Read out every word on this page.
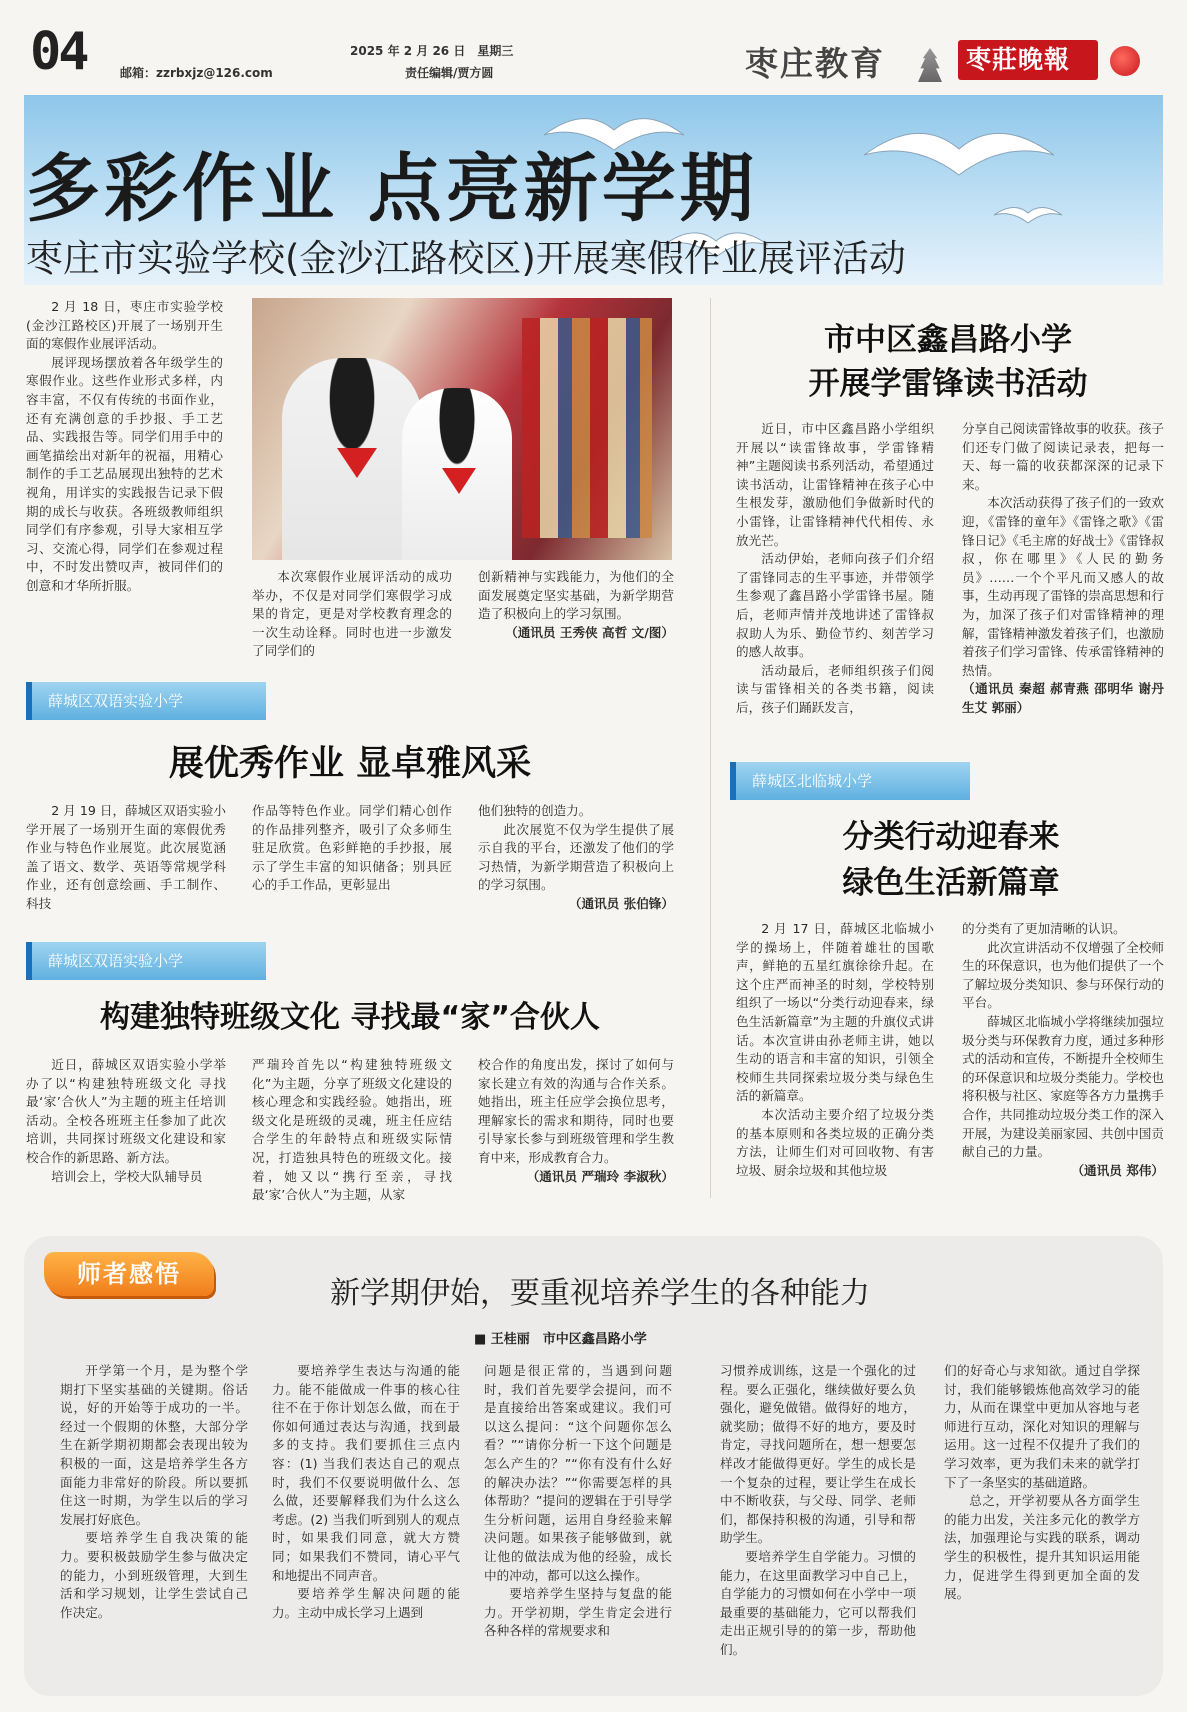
04	邮箱：zzrbxjz@126.com
2025 年 2 月 26 日　星期三
责任编辑/贾方圆	枣庄教育	枣莊晚報
多彩作业 点亮新学期
枣庄市实验学校(金沙江路校区)开展寒假作业展评活动

2 月 18 日，枣庄市实验学校(金沙江路校区)开展了一场别开生面的寒假作业展评活动。

展评现场摆放着各年级学生的寒假作业。这些作业形式多样，内容丰富，不仅有传统的书面作业，还有充满创意的手抄报、手工艺品、实践报告等。同学们用手中的画笔描绘出对新年的祝福，用精心制作的手工艺品展现出独特的艺术视角，用详实的实践报告记录下假期的成长与收获。各班级教师组织同学们有序参观，引导大家相互学习、交流心得，同学们在参观过程中，不时发出赞叹声，被同伴们的创意和才华所折服。

本次寒假作业展评活动的成功举办，不仅是对同学们寒假学习成果的肯定，更是对学校教育理念的一次生动诠释。同时也进一步激发了同学们的

创新精神与实践能力，为他们的全面发展奠定坚实基础，为新学期营造了积极向上的学习氛围。

（通讯员 王秀侠 高哲 文/图）

市中区鑫昌路小学
开展学雷锋读书活动

近日，市中区鑫昌路小学组织开展以“读雷锋故事，学雷锋精神”主题阅读书系列活动，希望通过读书活动，让雷锋精神在孩子心中生根发芽，激励他们争做新时代的小雷锋，让雷锋精神代代相传、永放光芒。

活动伊始，老师向孩子们介绍了雷锋同志的生平事迹，并带领学生参观了鑫昌路小学雷锋书屋。随后，老师声情并茂地讲述了雷锋叔叔助人为乐、勤俭节约、刻苦学习的感人故事。

活动最后，老师组织孩子们阅读与雷锋相关的各类书籍，阅读后，孩子们踊跃发言，

分享自己阅读雷锋故事的收获。孩子们还专门做了阅读记录表，把每一天、每一篇的收获都深深的记录下来。

本次活动获得了孩子们的一致欢迎，《雷锋的童年》《雷锋之歌》《雷锋日记》《毛主席的好战士》《雷锋叔叔，你在哪里》《人民的勤务员》……一个个平凡而又感人的故事，生动再现了雷锋的崇高思想和行为，加深了孩子们对雷锋精神的理解，雷锋精神激发着孩子们，也激励着孩子们学习雷锋、传承雷锋精神的热情。

（通讯员 秦超 郝青燕 邵明华 谢丹 生艾 郭丽）

薛城区双语实验小学
展优秀作业 显卓雅风采

2 月 19 日，薛城区双语实验小学开展了一场别开生面的寒假优秀作业与特色作业展览。此次展览涵盖了语文、数学、英语等常规学科作业，还有创意绘画、手工制作、科技

作品等特色作业。同学们精心创作的作品排列整齐，吸引了众多师生驻足欣赏。色彩鲜艳的手抄报，展示了学生丰富的知识储备；别具匠心的手工作品，更彰显出

他们独特的创造力。

此次展览不仅为学生提供了展示自我的平台，还激发了他们的学习热情，为新学期营造了积极向上的学习氛围。

（通讯员 张伯锋）

薛城区双语实验小学
构建独特班级文化 寻找最“家”合伙人

近日，薛城区双语实验小学举办了以“构建独特班级文化 寻找最‘家’合伙人”为主题的班主任培训活动。全校各班班主任参加了此次培训，共同探讨班级文化建设和家校合作的新思路、新方法。

培训会上，学校大队辅导员

严瑞玲首先以“构建独特班级文化”为主题，分享了班级文化建设的核心理念和实践经验。她指出，班级文化是班级的灵魂，班主任应结合学生的年龄特点和班级实际情况，打造独具特色的班级文化。接着，她又以“携行至亲，寻找最‘家’合伙人”为主题，从家

校合作的角度出发，探讨了如何与家长建立有效的沟通与合作关系。她指出，班主任应学会换位思考，理解家长的需求和期待，同时也要引导家长参与到班级管理和学生教育中来，形成教育合力。

（通讯员 严瑞玲 李淑秋）

薛城区北临城小学
分类行动迎春来
绿色生活新篇章

2 月 17 日，薛城区北临城小学的操场上，伴随着雄壮的国歌声，鲜艳的五星红旗徐徐升起。在这个庄严而神圣的时刻，学校特别组织了一场以“分类行动迎春来，绿色生活新篇章”为主题的升旗仪式讲话。本次宣讲由孙老师主讲，她以生动的语言和丰富的知识，引领全校师生共同探索垃圾分类与绿色生活的新篇章。

本次活动主要介绍了垃圾分类的基本原则和各类垃圾的正确分类方法，让师生们对可回收物、有害垃圾、厨余垃圾和其他垃圾

的分类有了更加清晰的认识。

此次宣讲活动不仅增强了全校师生的环保意识，也为他们提供了一个了解垃圾分类知识、参与环保行动的平台。

薛城区北临城小学将继续加强垃圾分类与环保教育力度，通过多种形式的活动和宣传，不断提升全校师生的环保意识和垃圾分类能力。学校也将积极与社区、家庭等各方力量携手合作，共同推动垃圾分类工作的深入开展，为建设美丽家园、共创中国贡献自己的力量。

（通讯员 郑伟）

师者感悟
新学期伊始，要重视培养学生的各种能力
■ 王桂丽　市中区鑫昌路小学

开学第一个月，是为整个学期打下坚实基础的关键期。俗话说，好的开始等于成功的一半。经过一个假期的休整，大部分学生在新学期初期都会表现出较为积极的一面，这是培养学生各方面能力非常好的阶段。所以要抓住这一时期，为学生以后的学习发展打好底色。

要培养学生自我决策的能力。要积极鼓励学生参与做决定的能力，小到班级管理，大到生活和学习规划，让学生尝试自己作决定。

要培养学生表达与沟通的能力。能不能做成一件事的核心往往不在于你计划怎么做，而在于你如何通过表达与沟通，找到最多的支持。我们要抓住三点内容：(1) 当我们表达自己的观点时，我们不仅要说明做什么、怎么做，还要解释我们为什么这么考虑。(2) 当我们听到别人的观点时，如果我们同意，就大方赞同；如果我们不赞同，请心平气和地提出不同声音。

要培养学生解决问题的能力。主动中成长学习上遇到

问题是很正常的，当遇到问题时，我们首先要学会提问，而不是直接给出答案或建议。我们可以这么提问：“这个问题你怎么看？”“请你分析一下这个问题是怎么产生的？”“你有没有什么好的解决办法？”“你需要怎样的具体帮助？”提问的逻辑在于引导学生分析问题，运用自身经验来解决问题。如果孩子能够做到，就让他的做法成为他的经验，成长中的冲动，都可以这么操作。

要培养学生坚持与复盘的能力。开学初期，学生肯定会进行各种各样的常规要求和

习惯养成训练，这是一个强化的过程。要么正强化，继续做好要么负强化，避免做错。做得好的地方，就奖励；做得不好的地方，要及时肯定，寻找问题所在，想一想要怎样改才能做得更好。学生的成长是一个复杂的过程，要让学生在成长中不断收获，与父母、同学、老师们，都保持积极的沟通，引导和帮助学生。

要培养学生自学能力。习惯的能力，在这里面教学习中自己上，自学能力的习惯如何在小学中一项最重要的基础能力，它可以帮我们走出正规引导的的第一步，帮助他们。

们的好奇心与求知欲。通过自学探讨，我们能够锻炼他高效学习的能力，从而在课堂中更加从容地与老师进行互动，深化对知识的理解与运用。这一过程不仅提升了我们的学习效率，更为我们未来的就学打下了一条坚实的基础道路。

总之，开学初要从各方面学生的能力出发，关注多元化的教学方法，加强理论与实践的联系，调动学生的积极性，提升其知识运用能力，促进学生得到更加全面的发展。
